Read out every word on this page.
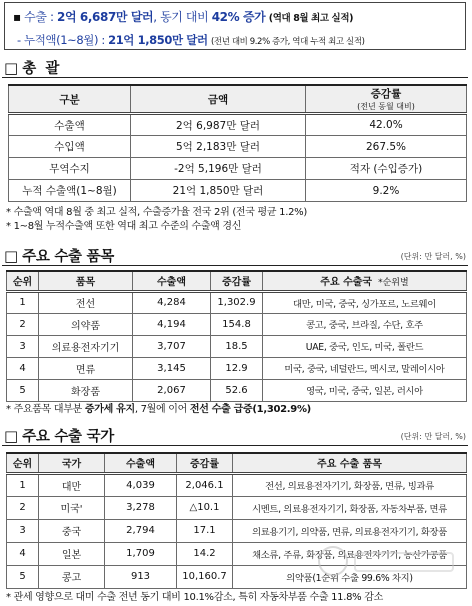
▪ 수출 : 2억 6,687만 달러, 동기 대비 42% 증가 (역대 8월 최고 실적)
- 누적액(1~8월) : 21억 1,850만 달러 (전년 대비 9.2% 증가, 역대 누적 최고 실적)
□ 총  괄
구분	금액	증감률
(전년 동월 대비)

수출액	2억 6,987만 달러	42.0%
수입액	5억 2,183만 달러	267.5%
무역수지	-2억 5,196만 달러	적자 (수입증가)
누적 수출액(1~8월)	21억 1,850만 달러	9.2%
* 수출액 역대 8월 중 최고 실적, 수출증가율 전국 2위 (전국 평균 1.2%)
* 1~8월 누적수출액 또한 역대 최고 수준의 수출액 경신
□ 주요 수출 품목	(단위: 만 달러, %)
순위	품목	수출액	증감률	주요 수출국 *순위별
1	전선	4,284	1,302.9	대만, 미국, 중국, 싱가포르, 노르웨이
2	의약품	4,194	154.8	콩고, 중국, 브라질, 수단, 호주
3	의료용전자기기	3,707	18.5	UAE, 중국, 인도, 미국, 폴란드
4	면류	3,145	12.9	미국, 중국, 네덜란드, 멕시코, 말레이시아
5	화장품	2,067	52.6	영국, 미국, 중국, 일본, 러시아
* 주요품목 대부분 증가세 유지, 7월에 이어 전선 수출 급증(1,302.9%)
□ 주요 수출 국가	(단위: 만 달러, %)
순위	국가	수출액	증감률	주요 수출 품목
1	대만	4,039	2,046.1	전선, 의료용전자기기, 화장품, 면류, 빙과류
2	미국'	3,278	△10.1	시멘트, 의료용전자기기, 화장품, 자동차부품, 면류
3	중국	2,794	17.1	의료용기기, 의약품, 면류, 의료용전자기기, 화장품
4	일본	1,709	14.2	채소류, 주류, 화장품, 의료용전자기기, 농산가공품
5	콩고	913	10,160.7	의약품(1순위 수출 99.6% 차지)
* 관세 영향으로 대미 수출 전년 동기 대비 10.1%감소, 특히 자동차부품 수출 11.8% 감소
